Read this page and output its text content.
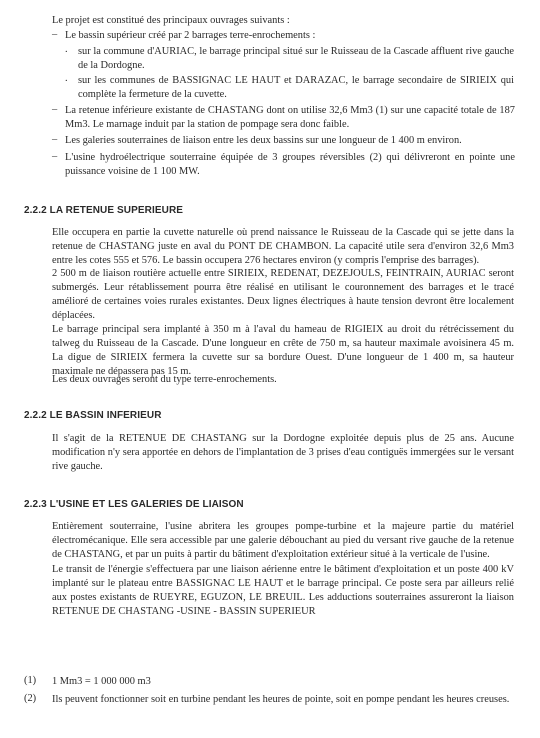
Le projet est constitué des principaux ouvrages suivants :

– Le bassin supérieur créé par 2 barrages terre-enrochements :

. sur la commune d'AURIAC, le barrage principal situé sur le Ruisseau de la Cascade affluent rive gauche de la Dordogne.

. sur les communes de BASSIGNAC LE HAUT et DARAZAC, le barrage secondaire de SIRIEIX qui complète la fermeture de la cuvette.

– La retenue inférieure existante de CHASTANG dont on utilise 32,6 Mm3 (1) sur une capacité totale de 187 Mm3. Le marnage induit par la station de pompage sera donc faible.

– Les galeries souterraines de liaison entre les deux bassins sur une longueur de 1 400 m environ.

– L'usine hydroélectrique souterraine équipée de 3 groupes réversibles (2) qui délivreront en pointe une puissance voisine de 1 100 MW.

2.2.2 LA RETENUE SUPERIEURE

Elle occupera en partie la cuvette naturelle où prend naissance le Ruisseau de la Cascade qui se jette dans la retenue de CHASTANG juste en aval du PONT DE CHAMBON. La capacité utile sera d'environ 32,6 Mm3 entre les cotes 555 et 576. Le bassin occupera 276 hectares environ (y compris l'emprise des barrages).

2 500 m de liaison routière actuelle entre SIRIEIX, REDENAT, DEZEJOULS, FEINTRAIN, AURIAC seront submergés. Leur rétablissement pourra être réalisé en utilisant le couronnement des barrages et le tracé amélioré de certaines voies rurales existantes. Deux lignes électriques à haute tension devront être localement déplacées.

Le barrage principal sera implanté à 350 m à l'aval du hameau de RIGIEIX au droit du rétrécissement du talweg du Ruisseau de la Cascade. D'une longueur en crête de 750 m, sa hauteur maximale avoisinera 45 m. La digue de SIRIEIX fermera la cuvette sur sa bordure Ouest. D'une longueur de 1 400 m, sa hauteur maximale ne dépassera pas 15 m.

Les deux ouvrages seront du type terre-enrochements.

2.2.2 LE BASSIN INFERIEUR

Il s'agit de la RETENUE DE CHASTANG sur la Dordogne exploitée depuis plus de 25 ans. Aucune modification n'y sera apportée en dehors de l'implantation de 3 prises d'eau contiguës immergées sur le versant rive gauche.

2.2.3 L'USINE ET LES GALERIES DE LIAISON

Entièrement souterraine, l'usine abritera les groupes pompe-turbine et la majeure partie du matériel électromécanique. Elle sera accessible par une galerie débouchant au pied du versant rive gauche de la retenue de CHASTANG, et par un puits à partir du bâtiment d'exploitation extérieur situé à la verticale de l'usine.

Le transit de l'énergie s'effectuera par une liaison aérienne entre le bâtiment d'exploitation et un poste 400 kV implanté sur le plateau entre BASSIGNAC LE HAUT et le barrage principal. Ce poste sera par ailleurs relié aux postes existants de RUEYRE, EGUZON, LE BREUIL. Les adductions souterraines assureront la liaison RETENUE DE CHASTANG -USINE - BASSIN SUPERIEUR

(1) 1 Mm3 = 1 000 000 m3

(2) Ils peuvent fonctionner soit en turbine pendant les heures de pointe, soit en pompe pendant les heures creuses.
